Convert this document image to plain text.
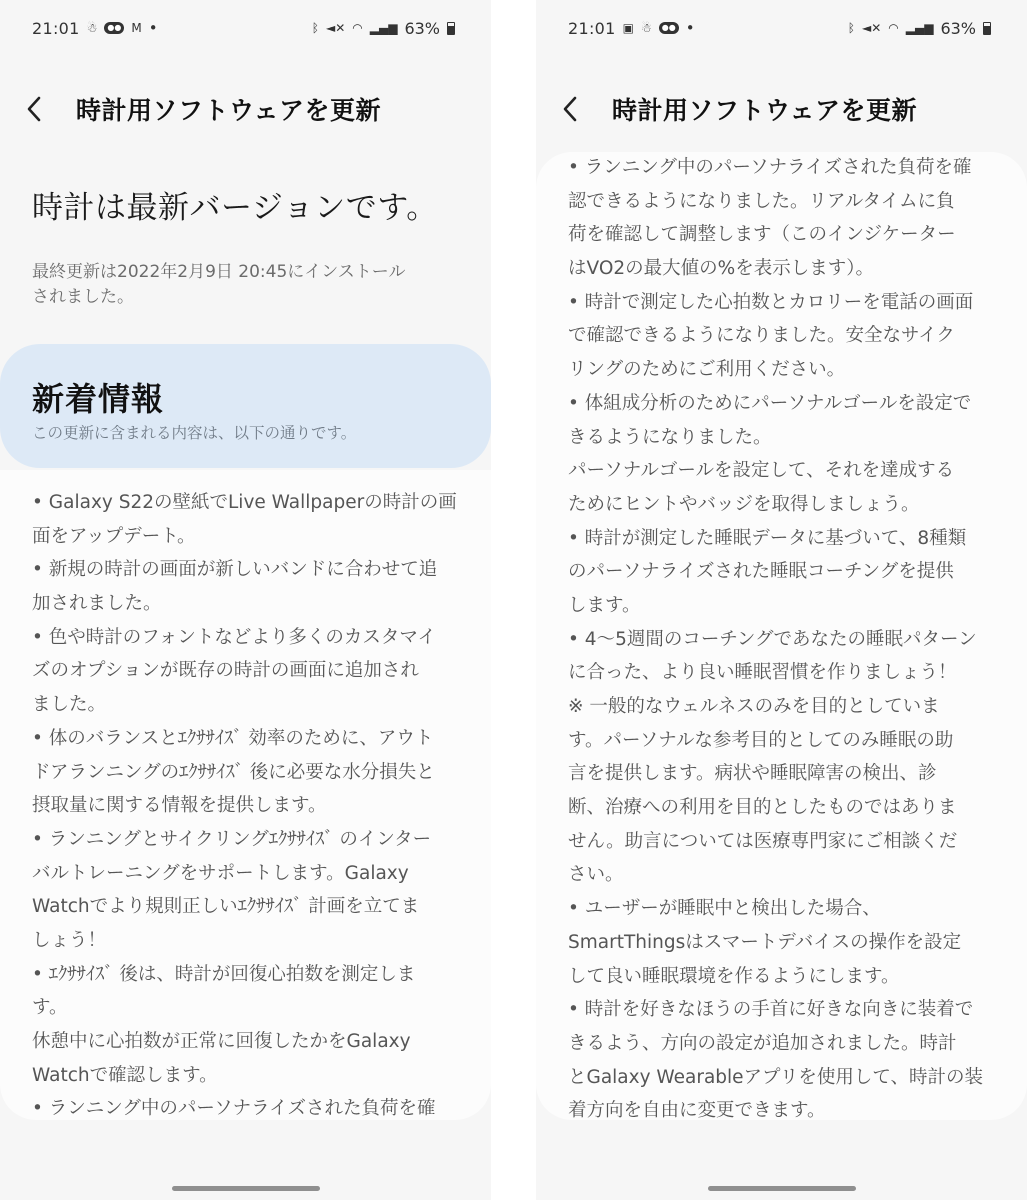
21:01 ☃	●● M •	ᛒ ◄✕ ◠ ▂▄▆ 63%
時計用ソフトウェアを更新
時計は最新バージョンです。
最終更新は2022年2月9日 20:45にインストール
されました。
新着情報
この更新に含まれる内容は、以下の通りです。
• Galaxy S22の壁紙でLive Wallpaperの時計の画
面をアップデート。
• 新規の時計の画面が新しいバンドに合わせて追
加されました。
• 色や時計のフォントなどより多くのカスタマイ
ズのオプションが既存の時計の画面に追加され
ました。
• 体のバランスとｴｸｻｻｲｽﾞ 効率のために、アウト
ドアランニングのｴｸｻｻｲｽﾞ 後に必要な水分損失と
摂取量に関する情報を提供します。
• ランニングとサイクリングｴｸｻｻｲｽﾞ のインター
バルトレーニングをサポートします。Galaxy
Watchでより規則正しいｴｸｻｻｲｽﾞ 計画を立てま
しょう！
• ｴｸｻｻｲｽﾞ 後は、時計が回復心拍数を測定しま
す。
休憩中に心拍数が正常に回復したかをGalaxy
Watchで確認します。
• ランニング中のパーソナライズされた負荷を確
21:01 ▣ ☃	●● •	ᛒ ◄✕ ◠ ▂▄▆ 63%
時計用ソフトウェアを更新
• ランニング中のパーソナライズされた負荷を確
認できるようになりました。リアルタイムに負
荷を確認して調整します（このインジケーター
はVO2の最大値の%を表示します）。
• 時計で測定した心拍数とカロリーを電話の画面
で確認できるようになりました。安全なサイク
リングのためにご利用ください。
• 体組成分析のためにパーソナルゴールを設定で
きるようになりました。
パーソナルゴールを設定して、それを達成する
ためにヒントやバッジを取得しましょう。
• 時計が測定した睡眠データに基づいて、8種類
のパーソナライズされた睡眠コーチングを提供
します。
• 4～5週間のコーチングであなたの睡眠パターン
に合った、より良い睡眠習慣を作りましょう！
※ 一般的なウェルネスのみを目的としていま
す。パーソナルな参考目的としてのみ睡眠の助
言を提供します。病状や睡眠障害の検出、診
断、治療への利用を目的としたものではありま
せん。助言については医療専門家にご相談くだ
さい。
• ユーザーが睡眠中と検出した場合、
SmartThingsはスマートデバイスの操作を設定
して良い睡眠環境を作るようにします。
• 時計を好きなほうの手首に好きな向きに装着で
きるよう、方向の設定が追加されました。時計
とGalaxy Wearableアプリを使用して、時計の装
着方向を自由に変更できます。
